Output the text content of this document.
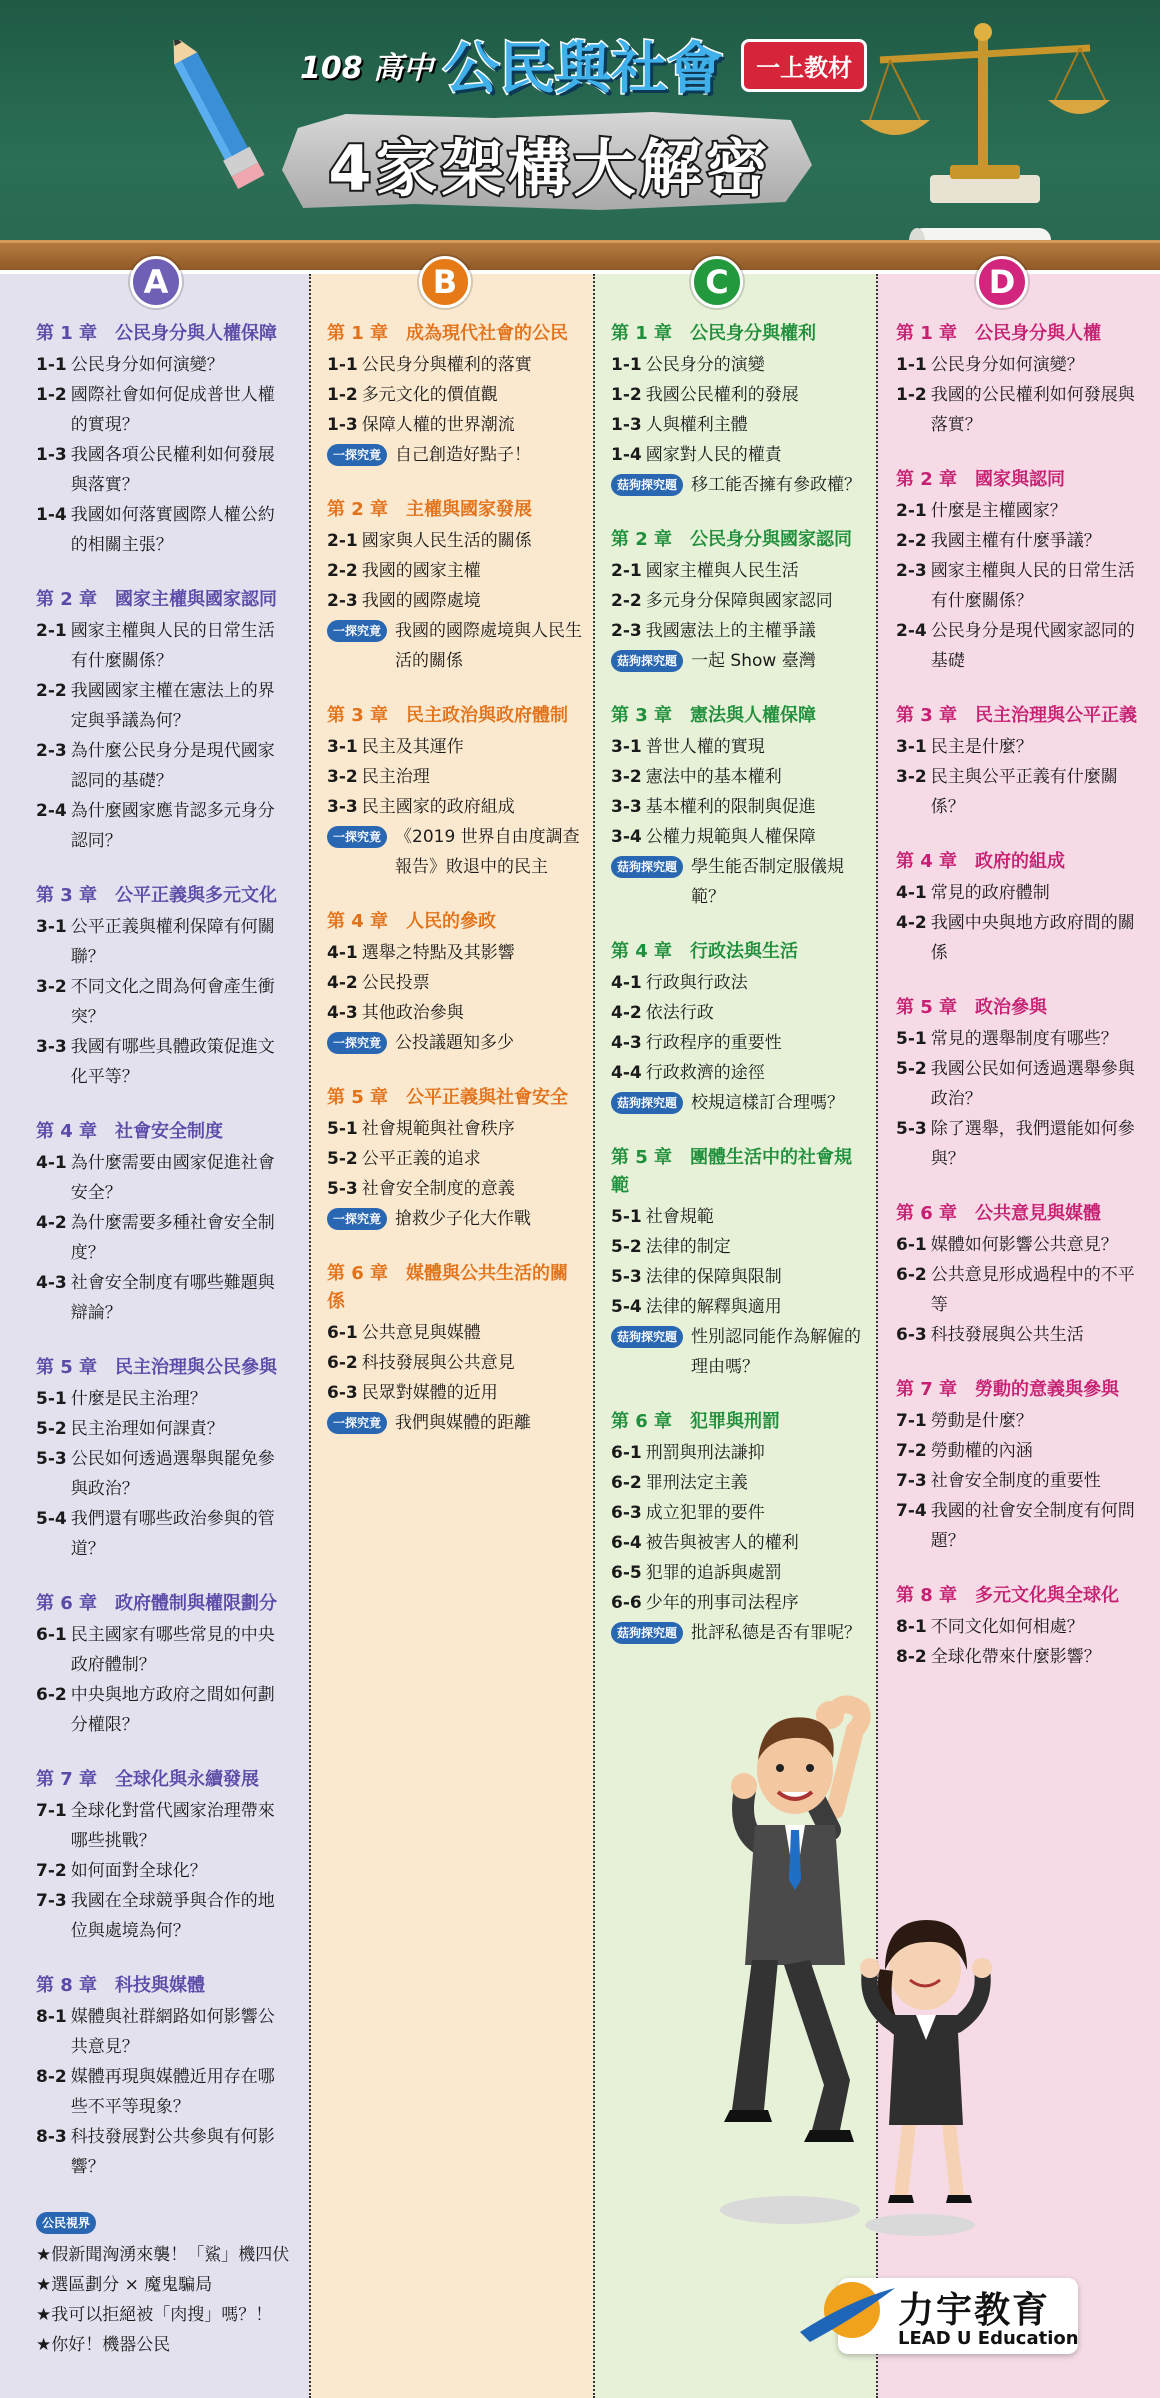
108 高中 公民與社會	一上教材
4家架構大解密
A
第 1 章　公民身分與人權保障
1-1 公民身分如何演變？
1-2 國際社會如何促成普世人權的實現？
1-3 我國各項公民權利如何發展與落實？
1-4 我國如何落實國際人權公約的相關主張？
第 2 章　國家主權與國家認同
2-1 國家主權與人民的日常生活有什麼關係？
2-2 我國國家主權在憲法上的界定與爭議為何？
2-3 為什麼公民身分是現代國家認同的基礎？
2-4 為什麼國家應肯認多元身分認同？
第 3 章　公平正義與多元文化
3-1 公平正義與權利保障有何關聯？
3-2 不同文化之間為何會產生衝突？
3-3 我國有哪些具體政策促進文化平等？
第 4 章　社會安全制度
4-1 為什麼需要由國家促進社會安全？
4-2 為什麼需要多種社會安全制度？
4-3 社會安全制度有哪些難題與辯論？
第 5 章　民主治理與公民參與
5-1 什麼是民主治理？
5-2 民主治理如何課責？
5-3 公民如何透過選舉與罷免參與政治？
5-4 我們還有哪些政治參與的管道？
第 6 章　政府體制與權限劃分
6-1 民主國家有哪些常見的中央政府體制？
6-2 中央與地方政府之間如何劃分權限？
第 7 章　全球化與永續發展
7-1 全球化對當代國家治理帶來哪些挑戰？
7-2 如何面對全球化？
7-3 我國在全球競爭與合作的地位與處境為何？
第 8 章　科技與媒體
8-1 媒體與社群網路如何影響公共意見？
8-2 媒體再現與媒體近用存在哪些不平等現象？
8-3 科技發展對公共參與有何影響？
公民視界
★假新聞洶湧來襲！「鯊」機四伏
★選區劃分 × 魔鬼騙局
★我可以拒絕被「肉搜」嗎？！
★你好！機器公民
B
第 1 章　成為現代社會的公民
1-1 公民身分與權利的落實
1-2 多元文化的價值觀
1-3 保障人權的世界潮流
一探究竟 自己創造好點子！
第 2 章　主權與國家發展
2-1 國家與人民生活的關係
2-2 我國的國家主權
2-3 我國的國際處境
一探究竟 我國的國際處境與人民生活的關係
第 3 章　民主政治與政府體制
3-1 民主及其運作
3-2 民主治理
3-3 民主國家的政府組成
一探究竟 《2019 世界自由度調查報告》敗退中的民主
第 4 章　人民的參政
4-1 選舉之特點及其影響
4-2 公民投票
4-3 其他政治參與
一探究竟 公投議題知多少
第 5 章　公平正義與社會安全
5-1 社會規範與社會秩序
5-2 公平正義的追求
5-3 社會安全制度的意義
一探究竟 搶救少子化大作戰
第 6 章　媒體與公共生活的關係
6-1 公共意見與媒體
6-2 科技發展與公共意見
6-3 民眾對媒體的近用
一探究竟 我們與媒體的距離
C
第 1 章　公民身分與權利
1-1 公民身分的演變
1-2 我國公民權利的發展
1-3 人與權利主體
1-4 國家對人民的權責
菇狗探究題 移工能否擁有參政權？
第 2 章　公民身分與國家認同
2-1 國家主權與人民生活
2-2 多元身分保障與國家認同
2-3 我國憲法上的主權爭議
菇狗探究題 一起 Show 臺灣
第 3 章　憲法與人權保障
3-1 普世人權的實現
3-2 憲法中的基本權利
3-3 基本權利的限制與促進
3-4 公權力規範與人權保障
菇狗探究題 學生能否制定服儀規範？
第 4 章　行政法與生活
4-1 行政與行政法
4-2 依法行政
4-3 行政程序的重要性
4-4 行政救濟的途徑
菇狗探究題 校規這樣訂合理嗎？
第 5 章　團體生活中的社會規範
5-1 社會規範
5-2 法律的制定
5-3 法律的保障與限制
5-4 法律的解釋與適用
菇狗探究題 性別認同能作為解僱的理由嗎？
第 6 章　犯罪與刑罰
6-1 刑罰與刑法謙抑
6-2 罪刑法定主義
6-3 成立犯罪的要件
6-4 被告與被害人的權利
6-5 犯罪的追訴與處罰
6-6 少年的刑事司法程序
菇狗探究題 批評私德是否有罪呢？
D
第 1 章　公民身分與人權
1-1 公民身分如何演變？
1-2 我國的公民權利如何發展與落實？
第 2 章　國家與認同
2-1 什麼是主權國家？
2-2 我國主權有什麼爭議？
2-3 國家主權與人民的日常生活有什麼關係？
2-4 公民身分是現代國家認同的基礎
第 3 章　民主治理與公平正義
3-1 民主是什麼？
3-2 民主與公平正義有什麼關係？
第 4 章　政府的組成
4-1 常見的政府體制
4-2 我國中央與地方政府間的關係
第 5 章　政治參與
5-1 常見的選舉制度有哪些？
5-2 我國公民如何透過選舉參與政治？
5-3 除了選舉，我們還能如何參與？
第 6 章　公共意見與媒體
6-1 媒體如何影響公共意見？
6-2 公共意見形成過程中的不平等
6-3 科技發展與公共生活
第 7 章　勞動的意義與參與
7-1 勞動是什麼？
7-2 勞動權的內涵
7-3 社會安全制度的重要性
7-4 我國的社會安全制度有何問題？
第 8 章　多元文化與全球化
8-1 不同文化如何相處？
8-2 全球化帶來什麼影響？
力宇教育
LEAD U Education
